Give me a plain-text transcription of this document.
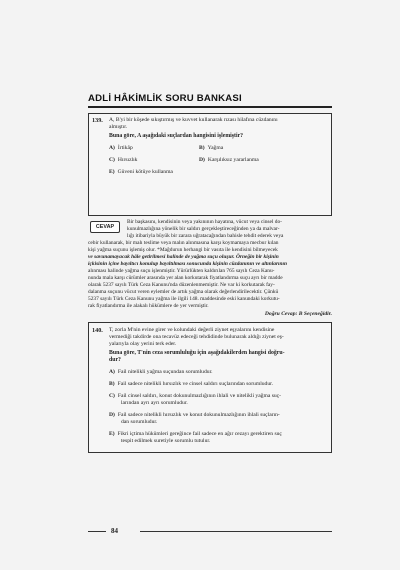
ADLİ HÂKİMLİK SORU BANKASI
139. A, B'yi bir köşede sıkıştırmış ve kuvvet kullanarak rızası hilafına cüzdanını
almıştır.
Buna göre, A aşağıdaki suçlardan hangisini işlemiştir?
A) İrtikâp	B) Yağma
C) Hırsızlık	D) Karşılıksız yararlanma
E) Güveni kötüye kullanma
CEVAP
Bir başkasını, kendisinin veya yakınının hayatına, vücut veya cinsel do-
kunulmazlığına yönelik bir saldırı gerçekleştireceğinden ya da malvar-
lığı itibariyla büyük bir zarara uğratacağından bahisle tehdit ederek veya
cebir kullanarak, bir malı teslime veya malın alınmasına karşı koymamaya mecbur kılan
kişi yağma suçunu işlemiş olur. *Mağdurun herhangi bir vasıta ile kendisini bilmeyecek
ve savunamayacak hâle getirilmesi halinde de yağma suçu oluşur. Örneğin bir kişinin
içkisinin içine bayıltıcı konulup bayıltılması sonucunda kişinin cüzdanının ve altınlarının
alınması halinde yağma suçu işlenmiştir. Yürürlükten kaldırılan 765 sayılı Ceza Kanu-
nunda mala karşı cürümler arasında yer alan korkutarak fiyatlandırma suçu ayrı bir madde
olarak 5237 sayılı Türk Ceza Kanunu'nda düzenlenmemiştir. Ne var ki korkutarak fay-
dalanma suçunu vücut veren eylemler de artık yağma olarak değerlendirilecektir. Çünkü
5237 sayılı Türk Ceza Kanunu yağma ile ilgili 148. maddesinde eski kanundaki korkutu-
rak fiyatlandırma ile alakalı hükümlere de yer vermiştir.
Doğru Cevap: B Seçeneğidir.
140. T, zorla M'nin evine girer ve kolundaki değerli ziynet eşyalarını kendisine
vermediği takdirde ona tecavüz edeceği tehdidinde bulunarak aldığı ziynet eş-
yalarıyla olay yerini terk eder.
Buna göre, T'nin ceza sorumluluğu için aşağıdakilerden hangisi doğru-
dur?
A) Fail nitelikli yağma suçundan sorumludur.
B) Fail sadece nitelikli hırsızlık ve cinsel saldırı suçlarından sorumludur.
C) Fail cinsel saldırı, konut dokunulmazlığının ihlali ve nitelikli yağma suç-
larından ayrı ayrı sorumludur.
D) Fail sadece nitelikli hırsızlık ve konut dokunulmazlığının ihlali suçların-
dan sorumludur.
E) Fikri içtima hükümleri gereğince fail sadece en ağır cezayı gerektiren suç
tespit edilmek suretiyle sorumlu tutulur.
84
